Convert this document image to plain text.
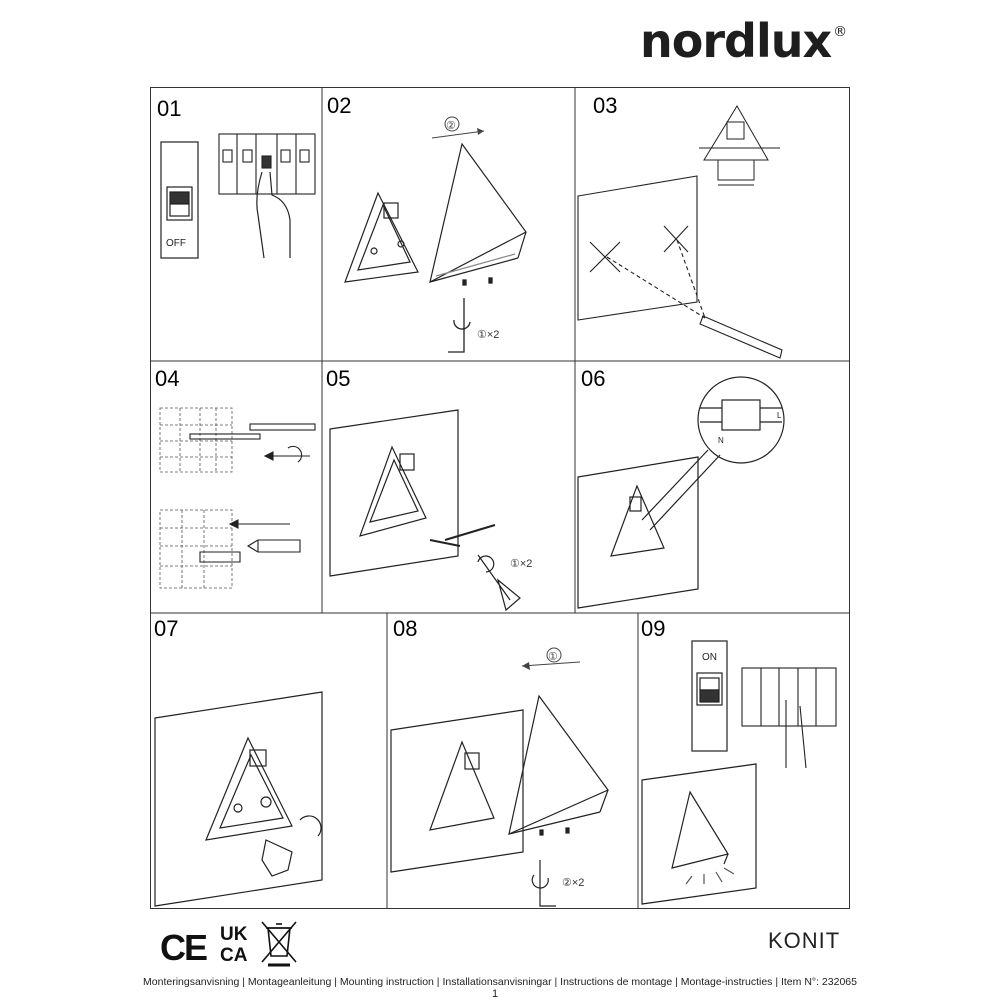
nordlux ®
01	02	03
04	05	06
07	08	09
OFF
②
①×2
①×2
N
L
①
②×2
ON
CE UK
CA
KONIT
Monteringsanvisning | Montageanleitung | Mounting instruction | Installationsanvisningar | Instructions de montage | Montage-instructies | Item N°: 232065
1
